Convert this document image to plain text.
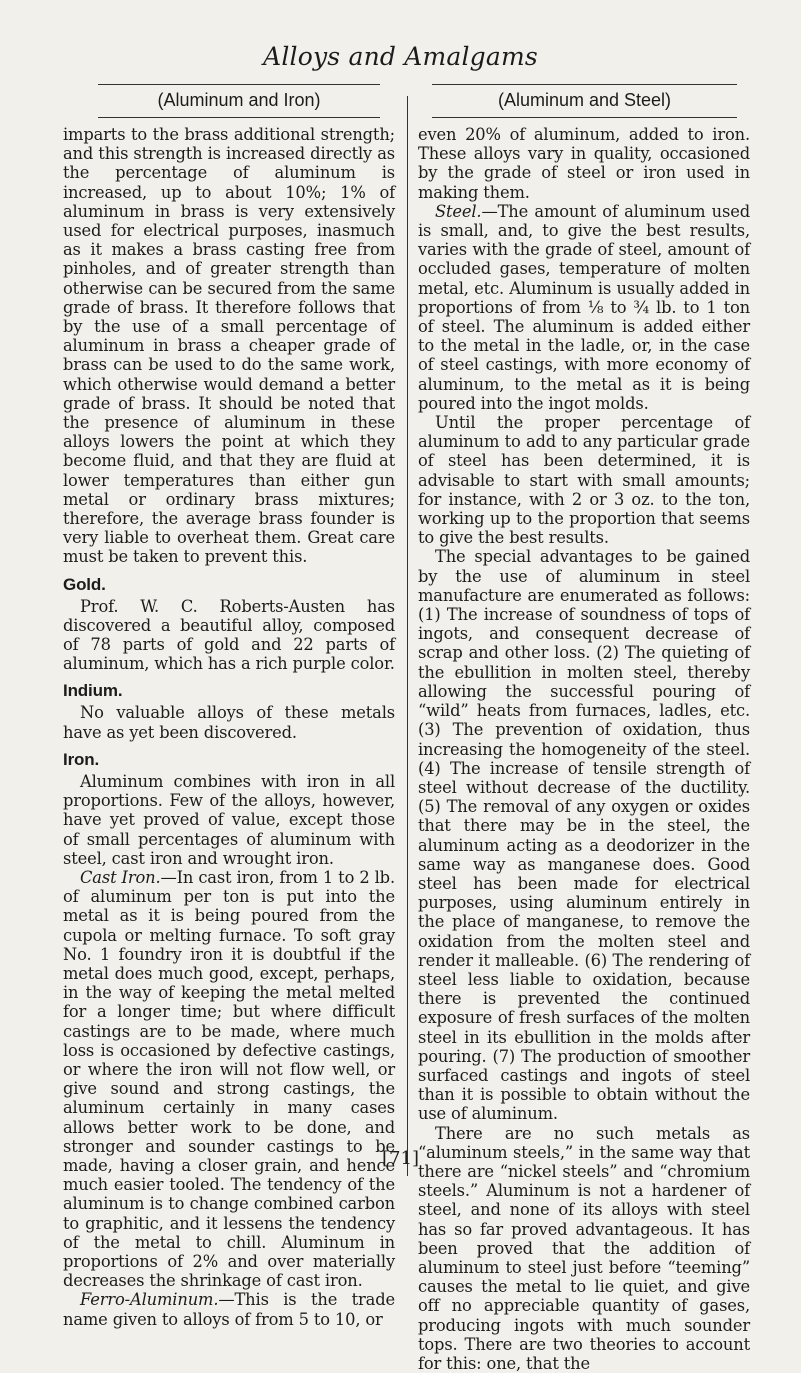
Alloys and Amalgams
(Aluminum and Iron)	(Aluminum and Steel)

imparts to the brass additional strength; and this strength is increased directly as the percentage of aluminum is increased, up to about 10%; 1% of aluminum in brass is very extensively used for electrical purposes, inasmuch as it makes a brass casting free from pinholes, and of greater strength than otherwise can be secured from the same grade of brass. It therefore follows that by the use of a small percentage of aluminum in brass a cheaper grade of brass can be used to do the same work, which otherwise would demand a better grade of brass. It should be noted that the presence of aluminum in these alloys lowers the point at which they become fluid, and that they are fluid at lower temperatures than either gun metal or ordinary brass mixtures; therefore, the average brass founder is very liable to overheat them. Great care must be taken to prevent this.

Gold.

Prof. W. C. Roberts-Austen has discovered a beautiful alloy, composed of 78 parts of gold and 22 parts of aluminum, which has a rich purple color.

Indium.

No valuable alloys of these metals have as yet been discovered.

Iron.

Aluminum combines with iron in all proportions. Few of the alloys, however, have yet proved of value, except those of small percentages of aluminum with steel, cast iron and wrought iron.

Cast Iron.—In cast iron, from 1 to 2 lb. of aluminum per ton is put into the metal as it is being poured from the cupola or melting furnace. To soft gray No. 1 foundry iron it is doubtful if the metal does much good, except, perhaps, in the way of keeping the metal melted for a longer time; but where difficult castings are to be made, where much loss is occasioned by defective castings, or where the iron will not flow well, or give sound and strong castings, the aluminum certainly in many cases allows better work to be done, and stronger and sounder castings to be made, having a closer grain, and hence much easier tooled. The tendency of the aluminum is to change combined carbon to graphitic, and it lessens the tendency of the metal to chill. Aluminum in proportions of 2% and over materially decreases the shrinkage of cast iron.

Ferro-Aluminum.—This is the trade name given to alloys of from 5 to 10, or

even 20% of aluminum, added to iron. These alloys vary in quality, occasioned by the grade of steel or iron used in making them.

Steel.—The amount of aluminum used is small, and, to give the best results, varies with the grade of steel, amount of occluded gases, temperature of molten metal, etc. Aluminum is usually added in proportions of from ⅛ to ¾ lb. to 1 ton of steel. The aluminum is added either to the metal in the ladle, or, in the case of steel castings, with more economy of aluminum, to the metal as it is being poured into the ingot molds.

Until the proper percentage of aluminum to add to any particular grade of steel has been determined, it is advisable to start with small amounts; for instance, with 2 or 3 oz. to the ton, working up to the proportion that seems to give the best results.

The special advantages to be gained by the use of aluminum in steel manufacture are enumerated as follows: (1) The increase of soundness of tops of ingots, and consequent decrease of scrap and other loss. (2) The quieting of the ebullition in molten steel, thereby allowing the successful pouring of “wild” heats from furnaces, ladles, etc. (3) The prevention of oxidation, thus increasing the homogeneity of the steel. (4) The increase of tensile strength of steel without decrease of the ductility. (5) The removal of any oxygen or oxides that there may be in the steel, the aluminum acting as a deodorizer in the same way as manganese does. Good steel has been made for electrical purposes, using aluminum entirely in the place of manganese, to remove the oxidation from the molten steel and render it malleable. (6) The rendering of steel less liable to oxidation, because there is prevented the continued exposure of fresh surfaces of the molten steel in its ebullition in the molds after pouring. (7) The production of smoother surfaced castings and ingots of steel than it is possible to obtain without the use of aluminum.

There are no such metals as “aluminum steels,” in the same way that there are “nickel steels” and “chromium steels.” Aluminum is not a hardener of steel, and none of its alloys with steel has so far proved advantageous. It has been proved that the addition of aluminum to steel just before “teeming” causes the metal to lie quiet, and give off no appreciable quantity of gases, producing ingots with much sounder tops. There are two theories to account for this: one, that the

[71]
